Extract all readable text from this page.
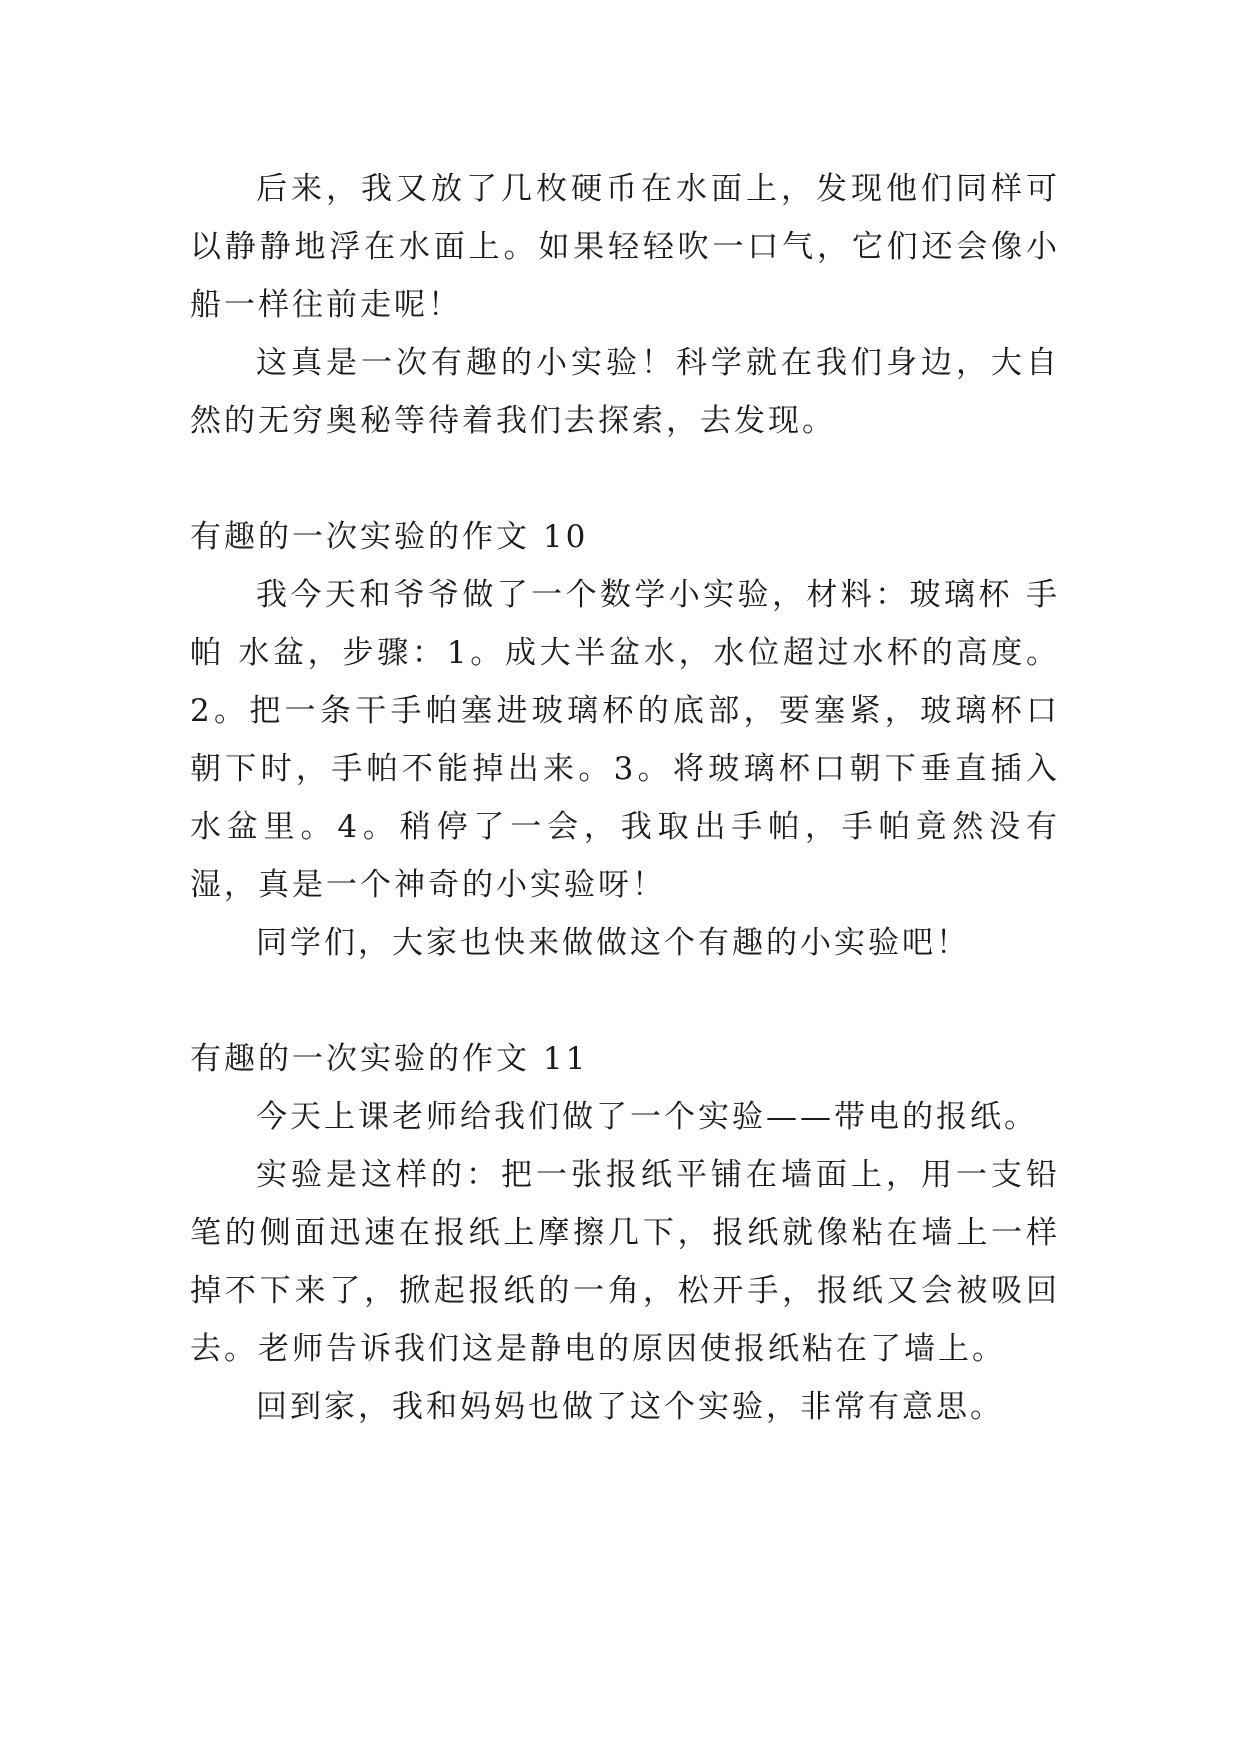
后来，我又放了几枚硬币在水面上，发现他们同样可以静静地浮在水面上。如果轻轻吹一口气，它们还会像小船一样往前走呢！

这真是一次有趣的小实验！科学就在我们身边，大自然的无穷奥秘等待着我们去探索，去发现。

有趣的一次实验的作文 10

我今天和爷爷做了一个数学小实验，材料：玻璃杯 手帕 水盆，步骤：1。成大半盆水，水位超过水杯的高度。2。把一条干手帕塞进玻璃杯的底部，要塞紧，玻璃杯口朝下时，手帕不能掉出来。3。将玻璃杯口朝下垂直插入水盆里。4。稍停了一会，我取出手帕，手帕竟然没有湿，真是一个神奇的小实验呀！

同学们，大家也快来做做这个有趣的小实验吧！

有趣的一次实验的作文 11

今天上课老师给我们做了一个实验——带电的报纸。

实验是这样的：把一张报纸平铺在墙面上，用一支铅笔的侧面迅速在报纸上摩擦几下，报纸就像粘在墙上一样掉不下来了，掀起报纸的一角，松开手，报纸又会被吸回去。老师告诉我们这是静电的原因使报纸粘在了墙上。

回到家，我和妈妈也做了这个实验，非常有意思。
